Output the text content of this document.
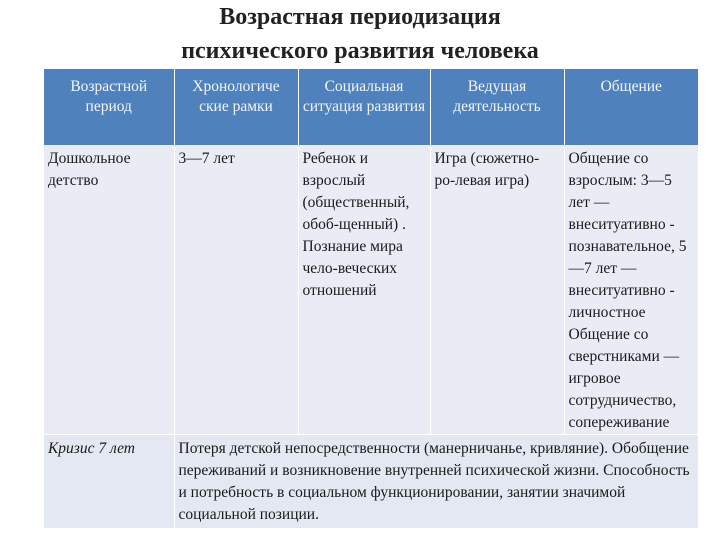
Возрастная периодизация
психического развития человека
Возрастной период	Хронологиче ские рамки	Социальная ситуация развития	Ведущая деятельность	Общение
Дошкольное детство	3—7 лет	Ребенок и взрослый (общественный, обоб-щенный) . Познание мира чело-веческих отношений	Игра (сюжетно-ро-левая игра)	Общение со взрослым: 3—5 лет — внеситуативно - познавательное, 5—7 лет — внеситуативно - личностное Общение со сверстниками — игровое сотрудничество, сопереживание
Кризис 7 лет	Потеря детской непосредственности (манерничанье, кривляние). Обобщение переживаний и возникновение внутренней психической жизни. Способность и потребность в социальном функционировании, занятии значимой социальной позиции.			
